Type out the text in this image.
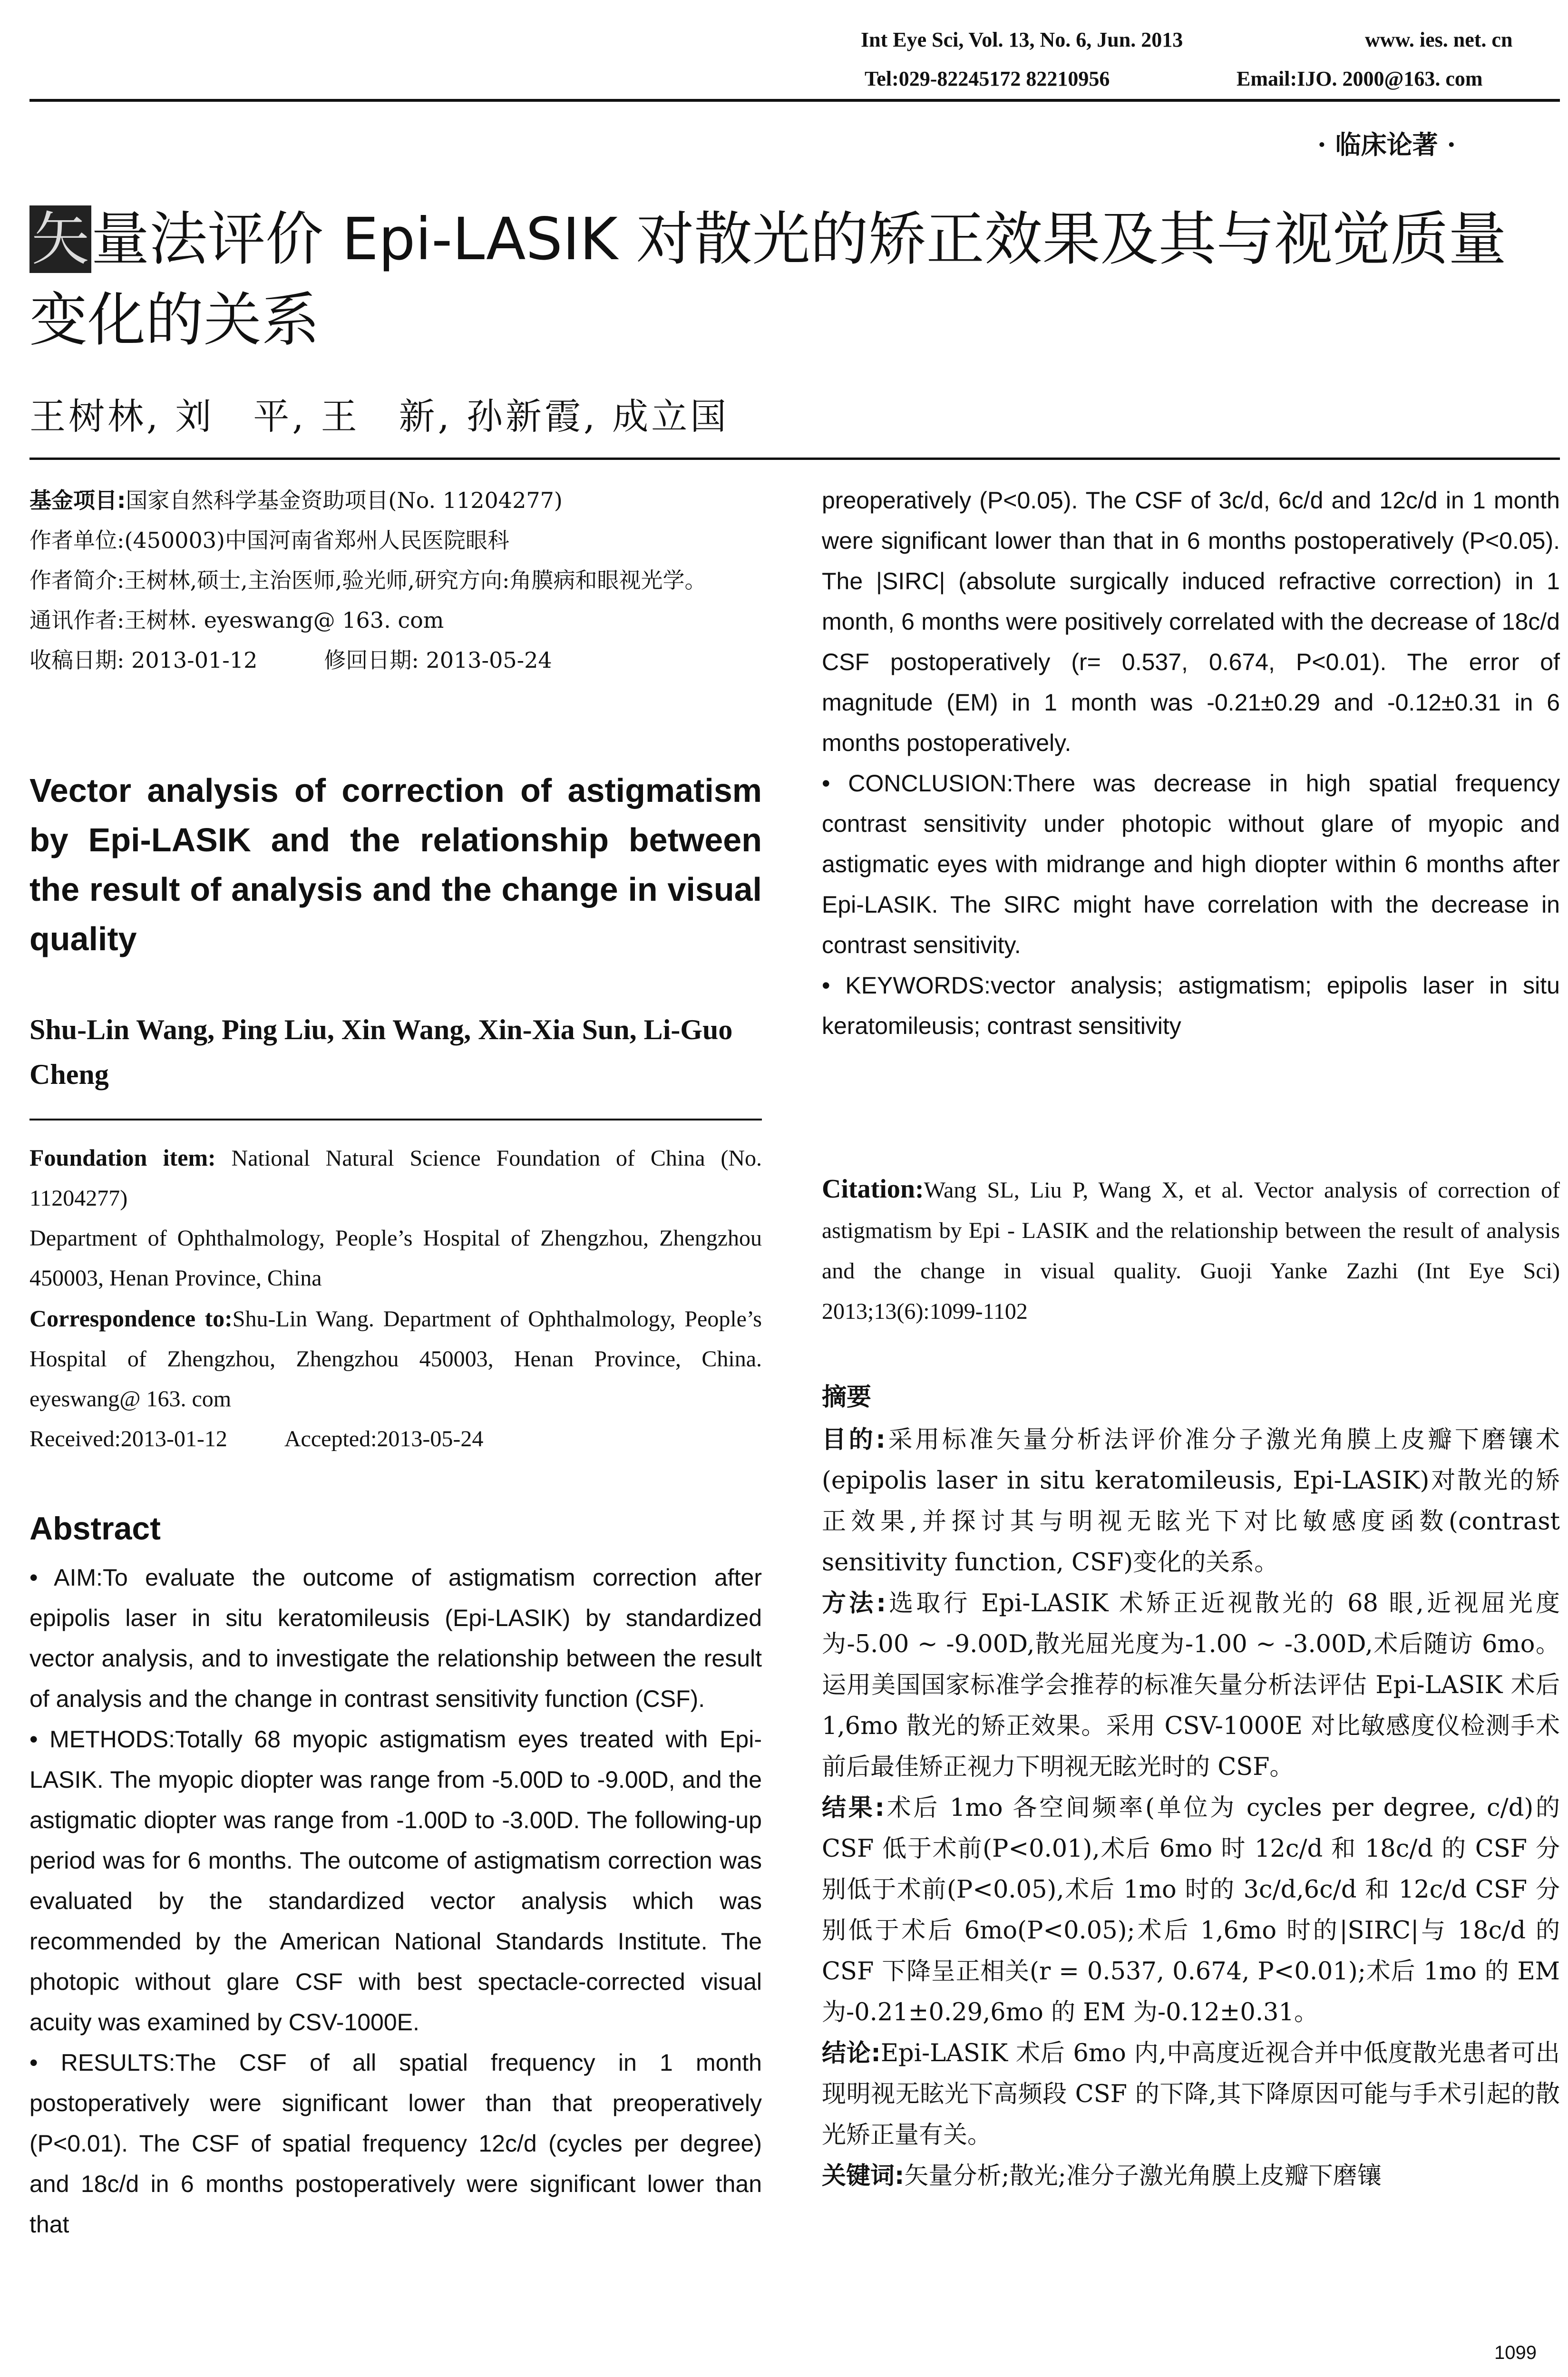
Int Eye Sci, Vol. 13, No. 6, Jun. 2013	www. ies. net. cn
Tel:029-82245172 82210956	Email:IJO. 2000@163. com
· 临床论著 ·
矢量法评价 Epi-LASIK 对散光的矫正效果及其与视觉质量变化的关系
王树林, 刘　平, 王　新, 孙新霞, 成立国
基金项目:国家自然科学基金资助项目(No. 11204277)
作者单位:(450003)中国河南省郑州人民医院眼科
作者简介:王树林,硕士,主治医师,验光师,研究方向:角膜病和眼视光学。
通讯作者:王树林. eyeswang@ 163. com
收稿日期: 2013-01-12	修回日期: 2013-05-24
Vector analysis of correction of astigmatism by Epi-LASIK and the relationship between the result of analysis and the change in visual quality
Shu-Lin Wang, Ping Liu, Xin Wang, Xin-Xia Sun, Li-Guo Cheng
Foundation item: National Natural Science Foundation of China (No. 11204277)
Department of Ophthalmology, People’s Hospital of Zhengzhou, Zhengzhou 450003, Henan Province, China
Correspondence to:Shu-Lin Wang. Department of Ophthalmology, People’s Hospital of Zhengzhou, Zhengzhou 450003, Henan Province, China. eyeswang@ 163. com
Received:2013-01-12	Accepted:2013-05-24
Abstract

• AIM:To evaluate the outcome of astigmatism correction after epipolis laser in situ keratomileusis (Epi-LASIK) by standardized vector analysis, and to investigate the relationship between the result of analysis and the change in contrast sensitivity function (CSF).

• METHODS:Totally 68 myopic astigmatism eyes treated with Epi-LASIK. The myopic diopter was range from -5.00D to -9.00D, and the astigmatic diopter was range from -1.00D to -3.00D. The following-up period was for 6 months. The outcome of astigmatism correction was evaluated by the standardized vector analysis which was recommended by the American National Standards Institute. The photopic without glare CSF with best spectacle-corrected visual acuity was examined by CSV-1000E.

• RESULTS:The CSF of all spatial frequency in 1 month postoperatively were significant lower than that preoperatively (P<0.01). The CSF of spatial frequency 12c/d (cycles per degree) and 18c/d in 6 months postoperatively were significant lower than that

preoperatively (P<0.05). The CSF of 3c/d, 6c/d and 12c/d in 1 month were significant lower than that in 6 months postoperatively (P<0.05). The |SIRC| (absolute surgically induced refractive correction) in 1 month, 6 months were positively correlated with the decrease of 18c/d CSF postoperatively (r= 0.537, 0.674, P<0.01). The error of magnitude (EM) in 1 month was -0.21±0.29 and -0.12±0.31 in 6 months postoperatively.

• CONCLUSION:There was decrease in high spatial frequency contrast sensitivity under photopic without glare of myopic and astigmatic eyes with midrange and high diopter within 6 months after Epi-LASIK. The SIRC might have correlation with the decrease in contrast sensitivity.

• KEYWORDS:vector analysis; astigmatism; epipolis laser in situ keratomileusis; contrast sensitivity

Citation:Wang SL, Liu P, Wang X, et al. Vector analysis of correction of astigmatism by Epi - LASIK and the relationship between the result of analysis and the change in visual quality. Guoji Yanke Zazhi (Int Eye Sci) 2013;13(6):1099-1102
摘要

目的:采用标准矢量分析法评价准分子激光角膜上皮瓣下磨镶术(epipolis laser in situ keratomileusis, Epi-LASIK)对散光的矫正效果,并探讨其与明视无眩光下对比敏感度函数(contrast sensitivity function, CSF)变化的关系。

方法:选取行 Epi-LASIK 术矫正近视散光的 68 眼,近视屈光度为-5.00 ~ -9.00D,散光屈光度为-1.00 ~ -3.00D,术后随访 6mo。运用美国国家标准学会推荐的标准矢量分析法评估 Epi-LASIK 术后 1,6mo 散光的矫正效果。采用 CSV-1000E 对比敏感度仪检测手术前后最佳矫正视力下明视无眩光时的 CSF。

结果:术后 1mo 各空间频率(单位为 cycles per degree, c/d)的 CSF 低于术前(P<0.01),术后 6mo 时 12c/d 和 18c/d 的 CSF 分别低于术前(P<0.05),术后 1mo 时的 3c/d,6c/d 和 12c/d CSF 分别低于术后 6mo(P<0.05);术后 1,6mo 时的|SIRC|与 18c/d 的 CSF 下降呈正相关(r = 0.537, 0.674, P<0.01);术后 1mo 的 EM 为-0.21±0.29,6mo 的 EM 为-0.12±0.31。

结论:Epi-LASIK 术后 6mo 内,中高度近视合并中低度散光患者可出现明视无眩光下高频段 CSF 的下降,其下降原因可能与手术引起的散光矫正量有关。

关键词:矢量分析;散光;准分子激光角膜上皮瓣下磨镶

1099
